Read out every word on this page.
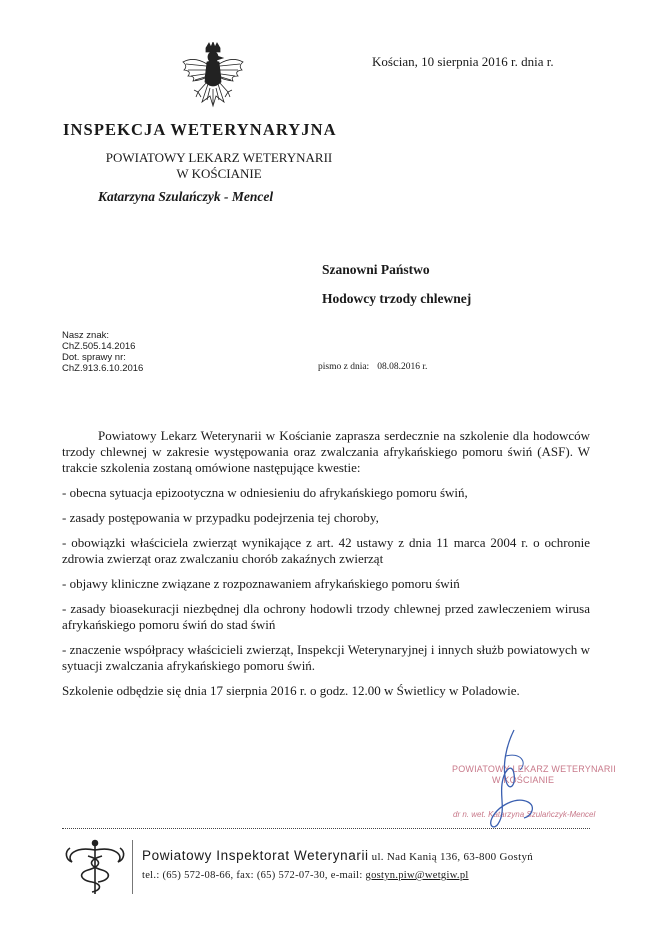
Kościan, 10 sierpnia 2016 r. dnia r.
INSPEKCJA WETERYNARYJNA
POWIATOWY LEKARZ WETERYNARII
W KOŚCIANIE
Katarzyna Szulańczyk - Mencel
Szanowni Państwo
Hodowcy trzody chlewnej
Nasz znak:
ChZ.505.14.2016
Dot. sprawy nr:
ChZ.913.6.10.2016	pismo z dnia: 08.08.2016 r.

Powiatowy Lekarz Weterynarii w Kościanie zaprasza serdecznie na szkolenie dla hodowców trzody chlewnej w zakresie występowania oraz zwalczania afrykańskiego pomoru świń (ASF). W trakcie szkolenia zostaną omówione następujące kwestie:

- obecna sytuacja epizootyczna w odniesieniu do afrykańskiego pomoru świń,

- zasady postępowania w przypadku podejrzenia tej choroby,

- obowiązki właściciela zwierząt wynikające z art. 42 ustawy z dnia 11 marca 2004 r. o ochronie zdrowia zwierząt oraz zwalczaniu chorób zakaźnych zwierząt

- objawy kliniczne związane z rozpoznawaniem afrykańskiego pomoru świń

- zasady bioasekuracji niezbędnej dla ochrony hodowli trzody chlewnej przed zawleczeniem wirusa afrykańskiego pomoru świń do stad świń

- znaczenie współpracy właścicieli zwierząt, Inspekcji Weterynaryjnej i innych służb powiatowych w sytuacji zwalczania afrykańskiego pomoru świń.

Szkolenie odbędzie się dnia 17 sierpnia 2016 r. o godz. 12.00 w Świetlicy w Poladowie.

POWIATOWY LEKARZ WETERYNARII
W KOŚCIANIE
dr n. wet. Katarzyna Szulańczyk-Mencel
Powiatowy Inspektorat Weterynarii ul. Nad Kanią 136, 63-800 Gostyń
tel.: (65) 572-08-66, fax: (65) 572-07-30, e-mail: gostyn.piw@wetgiw.pl
